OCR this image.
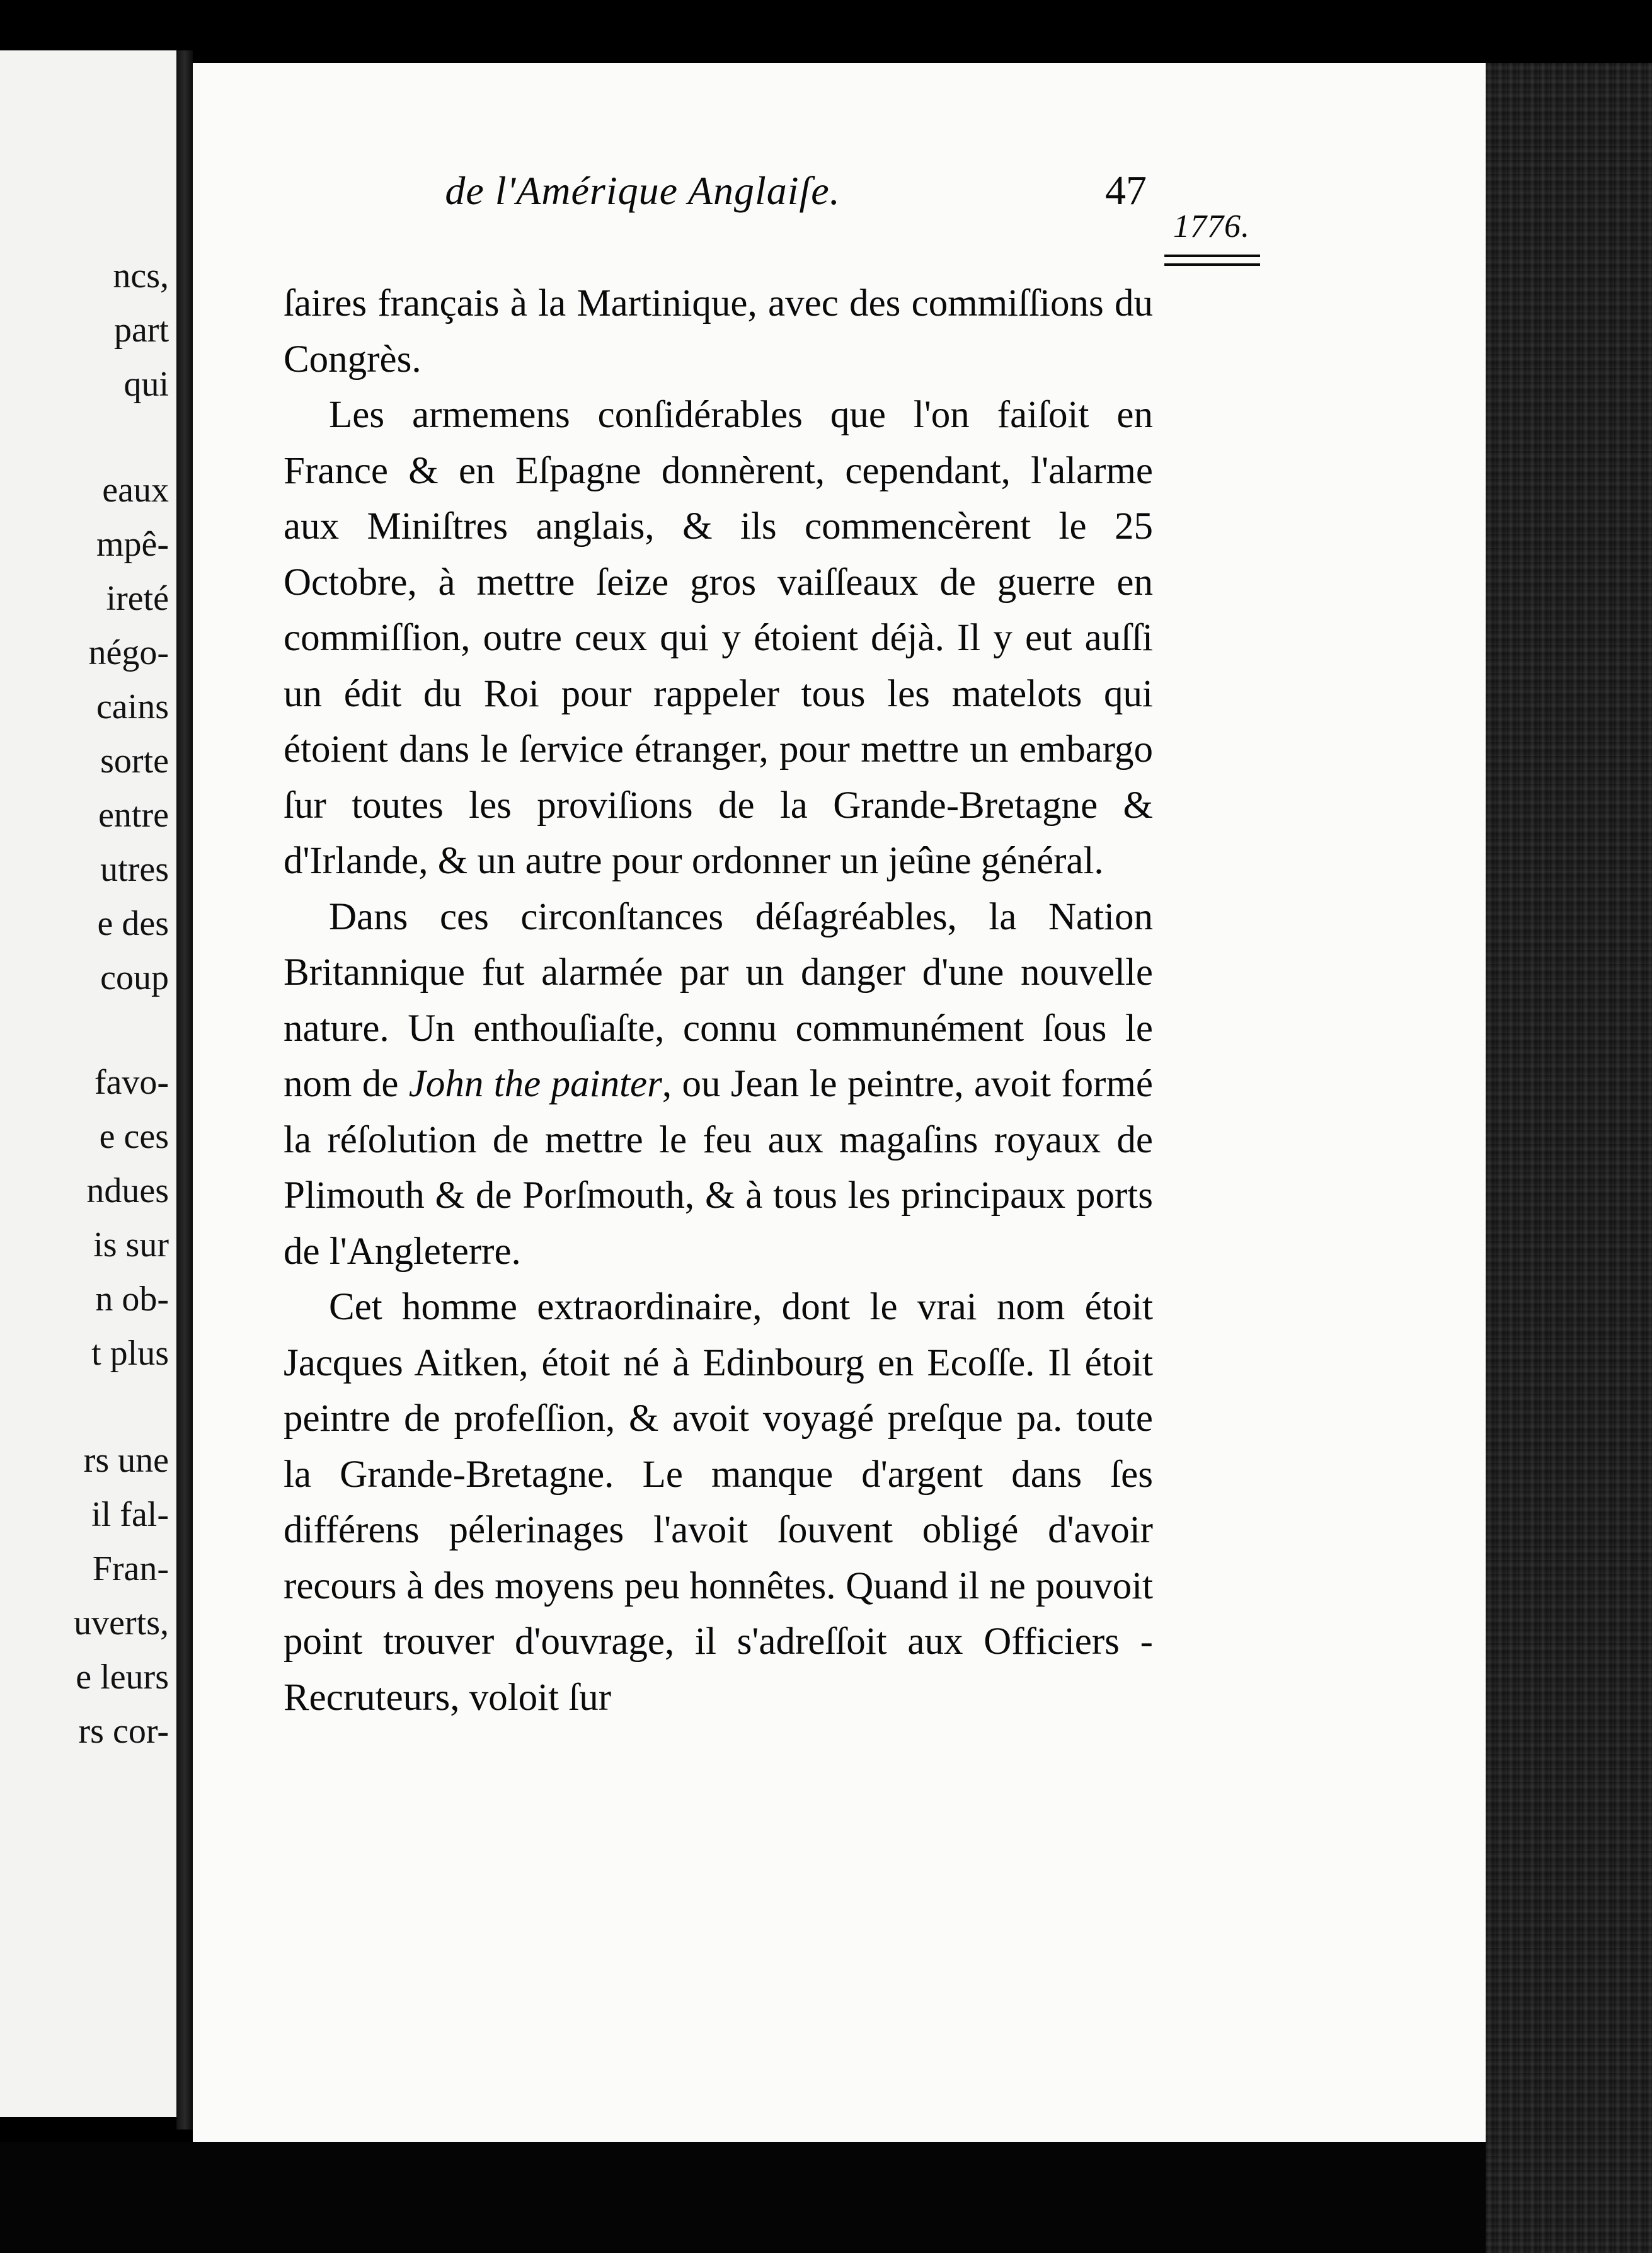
ncs,
part
qui
eaux
mpê-
ireté
négo-
cains
sorte
entre
utres
e des
coup
favo-
e ces
ndues
is sur
n ob-
t plus
rs une
il fal-
Fran-
uverts,
e leurs
rs cor-
de l'Amérique Anglaiſe.	47
1776.

ſaires français à la Martinique, avec des commiſſions du Congrès.

Les armemens conſidérables que l'on faiſoit en France & en Eſpagne donnèrent, cependant, l'alarme aux Miniſtres anglais, & ils commencèrent le 25 Octobre, à mettre ſeize gros vaiſſeaux de guerre en commiſſion, outre ceux qui y étoient déjà. Il y eut auſſi un édit du Roi pour rappeler tous les matelots qui étoient dans le ſervice étranger, pour mettre un embargo ſur toutes les proviſions de la Grande-Bretagne & d'Irlande, & un autre pour ordonner un jeûne général.

Dans ces circonſtances déſagréables, la Nation Britannique fut alarmée par un danger d'une nouvelle nature. Un enthouſiaſte, connu communément ſous le nom de John the painter, ou Jean le peintre, avoit formé la réſolution de mettre le feu aux magaſins royaux de Plimouth & de Porſmouth, & à tous les principaux ports de l'Angleterre.

Cet homme extraordinaire, dont le vrai nom étoit Jacques Aitken, étoit né à Edinbourg en Ecoſſe. Il étoit peintre de profeſſion, & avoit voyagé preſque pa. toute la Grande-Bretagne. Le manque d'argent dans ſes différens pélerinages l'avoit ſouvent obligé d'avoir recours à des moyens peu honnêtes. Quand il ne pouvoit point trouver d'ouvrage, il s'adreſſoit aux Officiers - Recruteurs, voloit ſur
